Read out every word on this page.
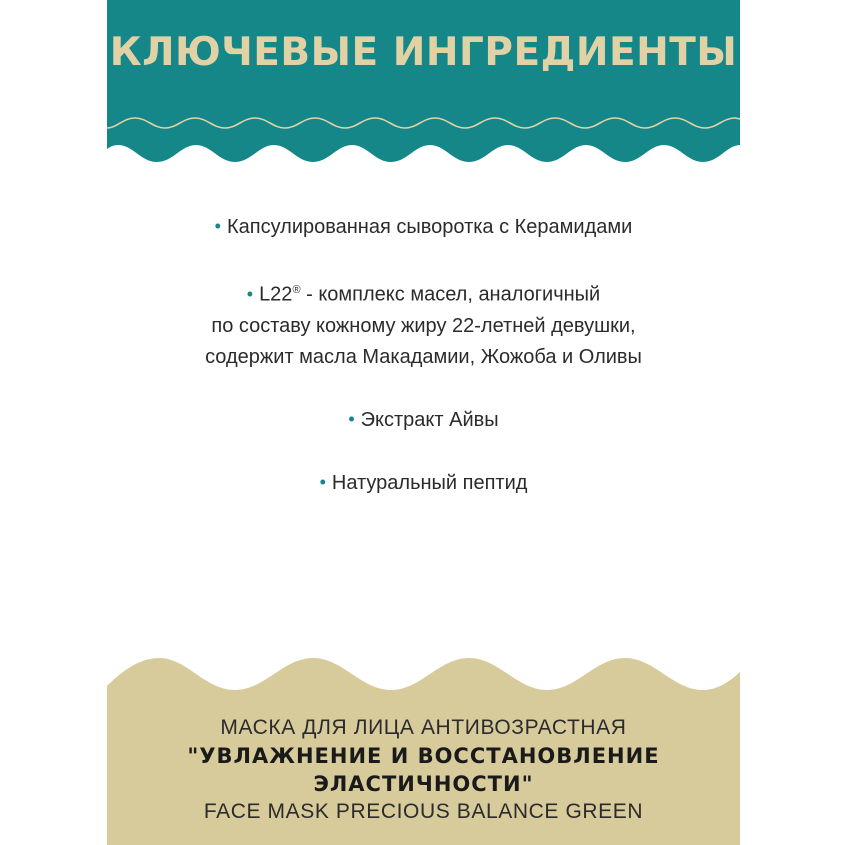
КЛЮЧЕВЫЕ ИНГРЕДИЕНТЫ

• Капсулированная сыворотка с Керамидами

• L22® - комплекс масел, аналогичный
по составу кожному жиру 22-летней девушки,
содержит масла Макадамии, Жожоба и Оливы

• Экстракт Айвы

• Натуральный пептид

МАСКА ДЛЯ ЛИЦА АНТИВОЗРАСТНАЯ
"УВЛАЖНЕНИЕ И ВОССТАНОВЛЕНИЕ
ЭЛАСТИЧНОСТИ"
FACE MASK PRECIOUS BALANCE GREEN
